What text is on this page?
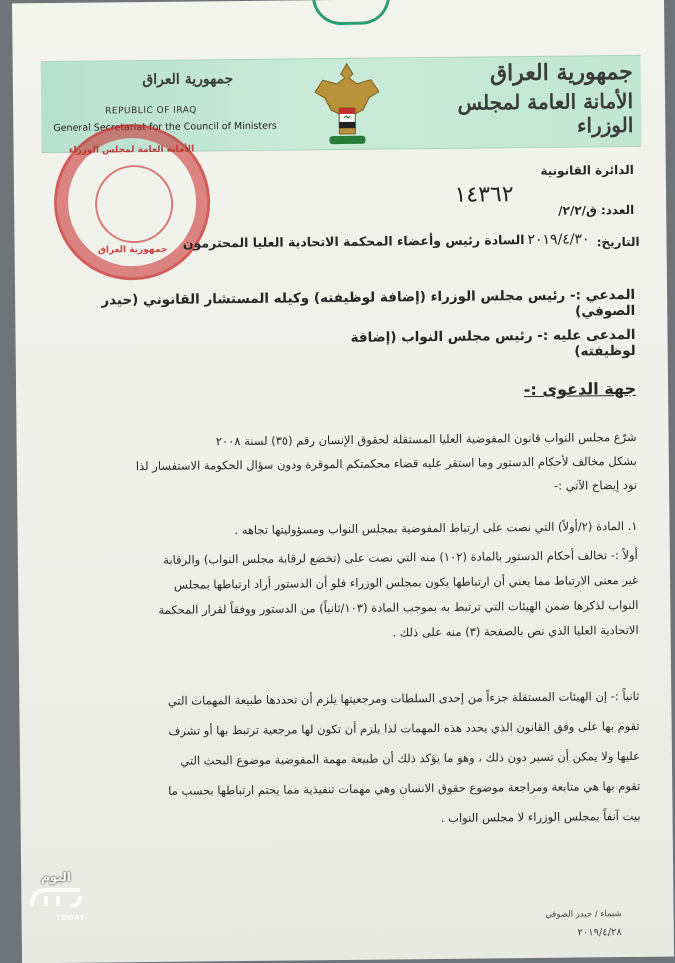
جمهورية العراق
الأمانة العامة لمجلس الوزراء
جمهورية العراق
REPUBLIC OF IRAQ
General Secretariat for the Council of Ministers
الأمانة العامة لمجلس الوزراء
جمهورية العراق
الدائرة القانونية
١٤٣٦٢
العدد: ق/٢/٢/
التاريخ:
٢٠١٩/٤/٣٠
السادة رئيس وأعضاء المحكمة الاتحادية العليا المحترمون
المدعي :- رئيس مجلس الوزراء (إضافة لوظيفته) وكيله المستشار القانوني (حيدر الصوفي)
المدعى عليه :- رئيس مجلس النواب (إضافة لوظيفته)
جهة الدعوى :-
شرّع مجلس النواب قانون المفوضية العليا المستقلة لحقوق الإنسان رقم (٣٥) لسنة ٢٠٠٨
بشكل مخالف لأحكام الدستور وما استقر عليه قضاء محكمتكم الموقرة ودون سؤال الحكومة الاستفسار لذا
نود إيضاح الآتي :-
١. المادة (٢/أولاً) التي نصت على ارتباط المفوضية بمجلس النواب ومسؤوليتها تجاهه .
أولاً :- تخالف أحكام الدستور بالمادة (١٠٢) منه التي نصت على (تخضع لرقابة مجلس النواب) والرقابة
غير معنى الارتباط مما يعني أن ارتباطها يكون بمجلس الوزراء فلو أن الدستور أراد ارتباطها بمجلس
النواب لذكرها ضمن الهيئات التي ترتبط به بموجب المادة (١٠٣/ثانياً) من الدستور ووفقاً لقرار المحكمة
الاتحادية العليا الذي نص بالصفحة (٣) منه على ذلك .
ثانياً :- إن الهيئات المستقلة جزءاً من إحدى السلطات ومرجعيتها يلزم أن تحددها طبيعة المهمات التي
تقوم بها على وفق القانون الذي يحدد هذه المهمات لذا يلزم أن تكون لها مرجعية ترتبط بها أو تشرف
عليها ولا يمكن أن تسير دون ذلك ، وهو ما يؤكد ذلك أن طبيعة مهمة المفوضية موضوع البحث التي
تقوم بها هي متابعة ومراجعة موضوع حقوق الانسان وهي مهمات تنفيذية مما يحتم ارتباطها بحسب ما
بيت آنفاً بمجلس الوزراء لا مجلس النواب .
شيماء / حيدر الصوفي
٢٠١٩/٤/٢٨
اليوم
TODAY
